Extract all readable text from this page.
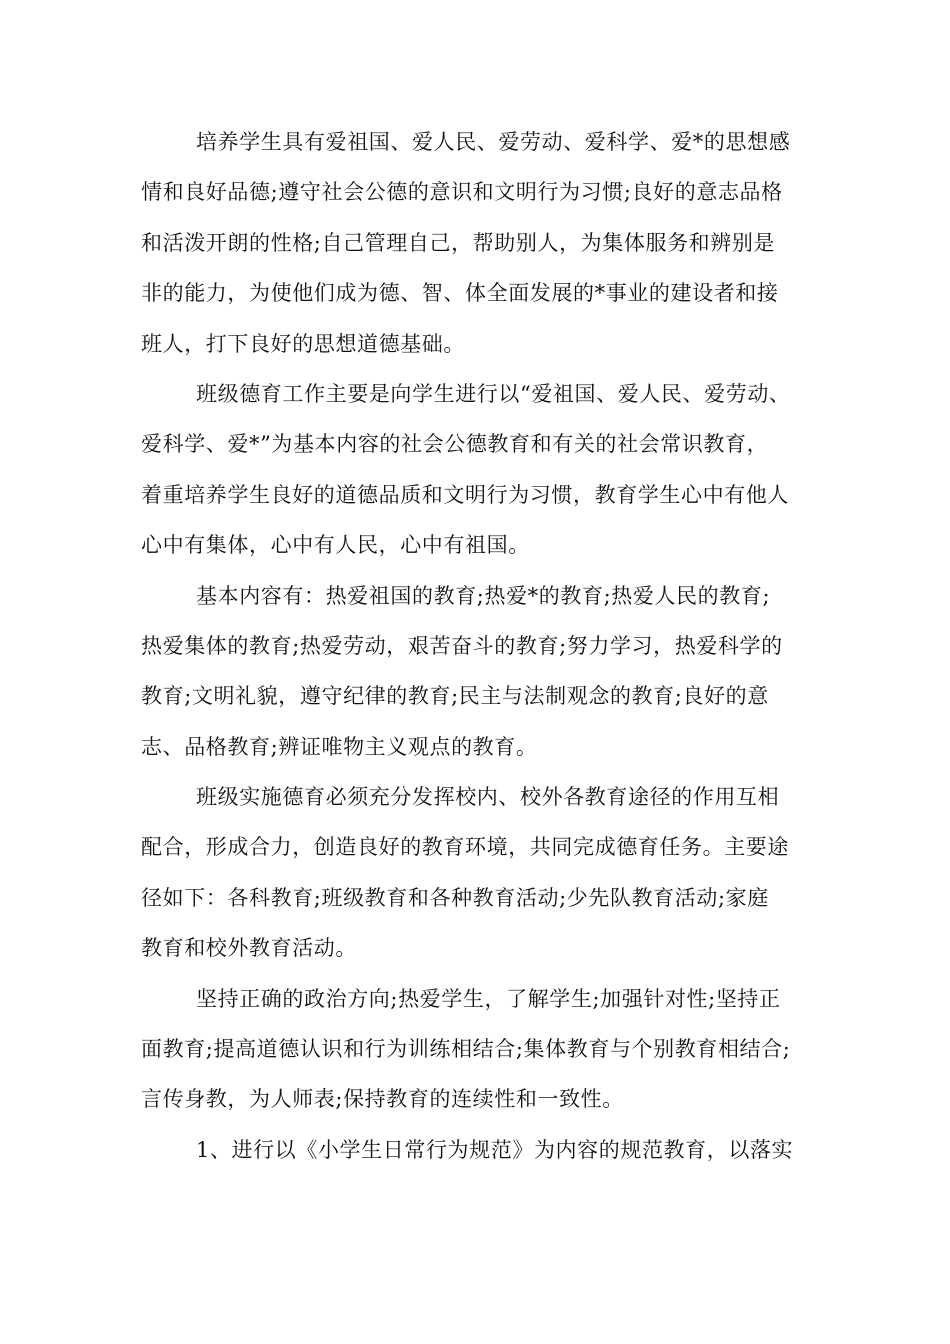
培养学生具有爱祖国、爱人民、爱劳动、爱科学、爱*的思想感
情和良好品德;遵守社会公德的意识和文明行为习惯;良好的意志品格
和活泼开朗的性格;自己管理自己，帮助别人，为集体服务和辨别是
非的能力，为使他们成为德、智、体全面发展的*事业的建设者和接
班人，打下良好的思想道德基础。
班级德育工作主要是向学生进行以“爱祖国、爱人民、爱劳动、
爱科学、爱*”为基本内容的社会公德教育和有关的社会常识教育，
着重培养学生良好的道德品质和文明行为习惯，教育学生心中有他人
心中有集体，心中有人民，心中有祖国。
基本内容有：热爱祖国的教育;热爱*的教育;热爱人民的教育;
热爱集体的教育;热爱劳动，艰苦奋斗的教育;努力学习，热爱科学的
教育;文明礼貌，遵守纪律的教育;民主与法制观念的教育;良好的意
志、品格教育;辨证唯物主义观点的教育。
班级实施德育必须充分发挥校内、校外各教育途径的作用互相
配合，形成合力，创造良好的教育环境，共同完成德育任务。主要途
径如下：各科教育;班级教育和各种教育活动;少先队教育活动;家庭
教育和校外教育活动。
坚持正确的政治方向;热爱学生，了解学生;加强针对性;坚持正
面教育;提高道德认识和行为训练相结合;集体教育与个别教育相结合;
言传身教，为人师表;保持教育的连续性和一致性。
1、进行以《小学生日常行为规范》为内容的规范教育，以落实
